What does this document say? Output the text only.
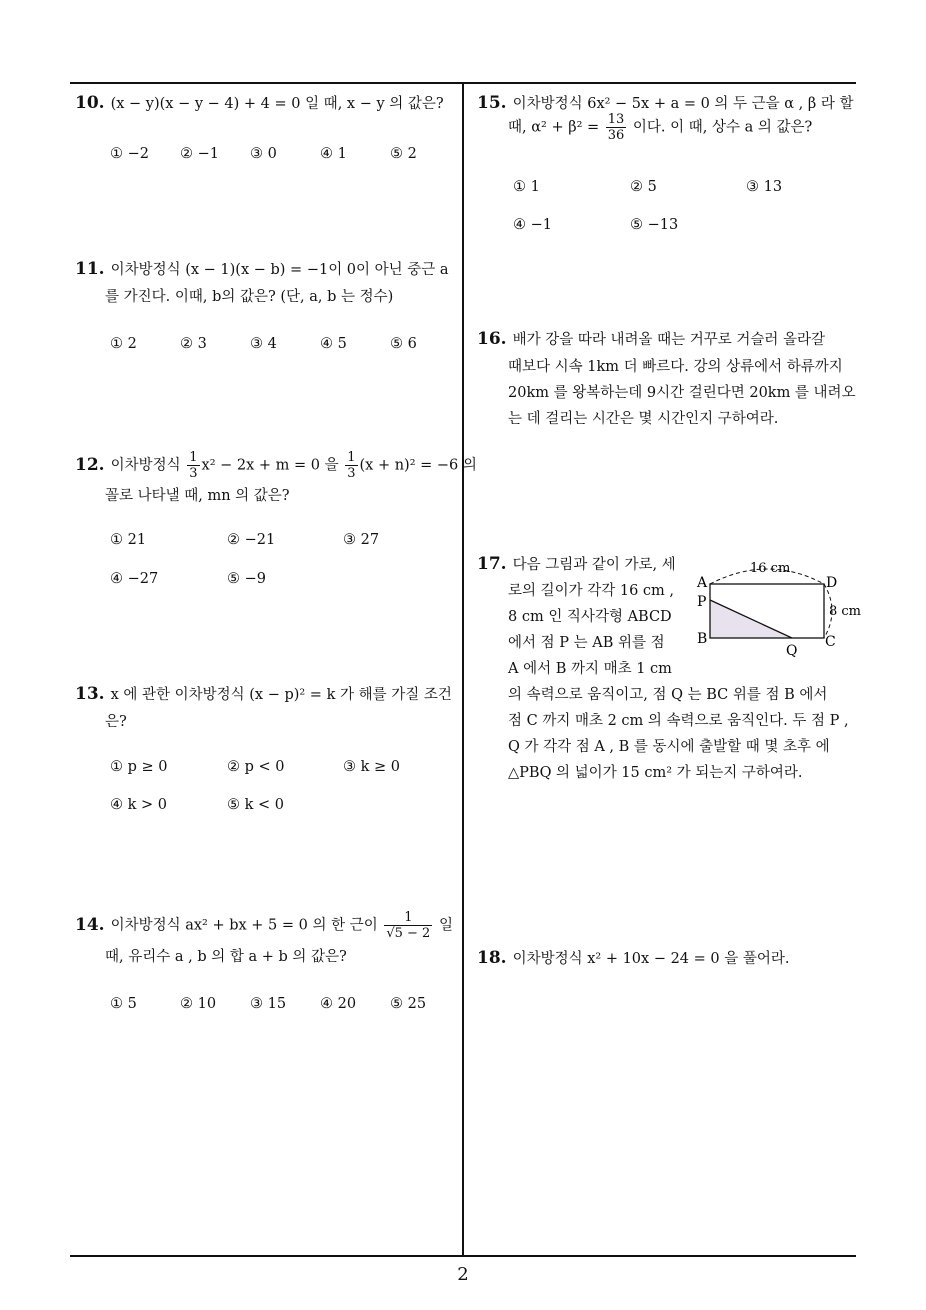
10. (x − y)(x − y − 4) + 4 = 0 일 때, x − y 의 값은?
① −2 ② −1 ③ 0	④ 1	⑤ 2
11. 이차방정식 (x − 1)(x − b) = −1이 0이 아닌 중근 a
를 가진다. 이때, b의 값은? (단, a, b 는 정수)
① 2	② 3	③ 4	④ 5	⑤ 6
12. 이차방정식 $\frac{1}{3} x^2 - 2x + m = 0$ 을 $\frac{1}{3} (x + n)^2 = -6$ 의
꼴로 나타낼 때, mn 의 값은?
① 21	② −21	③ 27
④ −27	⑤ −9
13. x 에 관한 이차방정식 (x − p)² = k 가 해를 가질 조건
은?
① p ≥ 0	② p < 0	③ k ≥ 0
④ k > 0	⑤ k < 0
14. 이차방정식 ax² + bx + 5 = 0 의 한 근이 $\frac{1}{√5 - 2}$ 일
때, 유리수 a , b 의 합 a + b 의 값은?
① 5	② 10 ③ 15 ④ 20 ⑤ 25
15. 이차방정식 6x² − 5x + a = 0 의 두 근을 α , β 라 할
때, $\alpha^2 + \beta^2 = \frac{13}{36}$ 이다. 이 때, 상수 a 의 값은?
① 1	② 5	③ 13
④ −1	⑤ −13
16. 배가 강을 따라 내려올 때는 거꾸로 거슬러 올라갈
때보다 시속 1km 더 빠르다. 강의 상류에서 하류까지
20km 를 왕복하는데 9시간 걸린다면 20km 를 내려오
는 데 걸리는 시간은 몇 시간인지 구하여라.
17. 다음 그림과 같이 가로, 세
로의 길이가 각각 16 cm ,
8 cm 인 직사각형 ABCD
에서 점 P 는 AB 위를 점
A 에서 B 까지 매초 1 cm
의 속력으로 움직이고, 점 Q 는 BC 위를 점 B 에서
점 C 까지 매초 2 cm 의 속력으로 움직인다. 두 점 P ,
Q 가 각각 점 A , B 를 동시에 출발할 때 몇 초후 에
△PBQ 의 넓이가 15 cm² 가 되는지 구하여라.
16 cm
8 cm
A
P
B
D
C
Q
18. 이차방정식 x² + 10x − 24 = 0 을 풀어라.
2
